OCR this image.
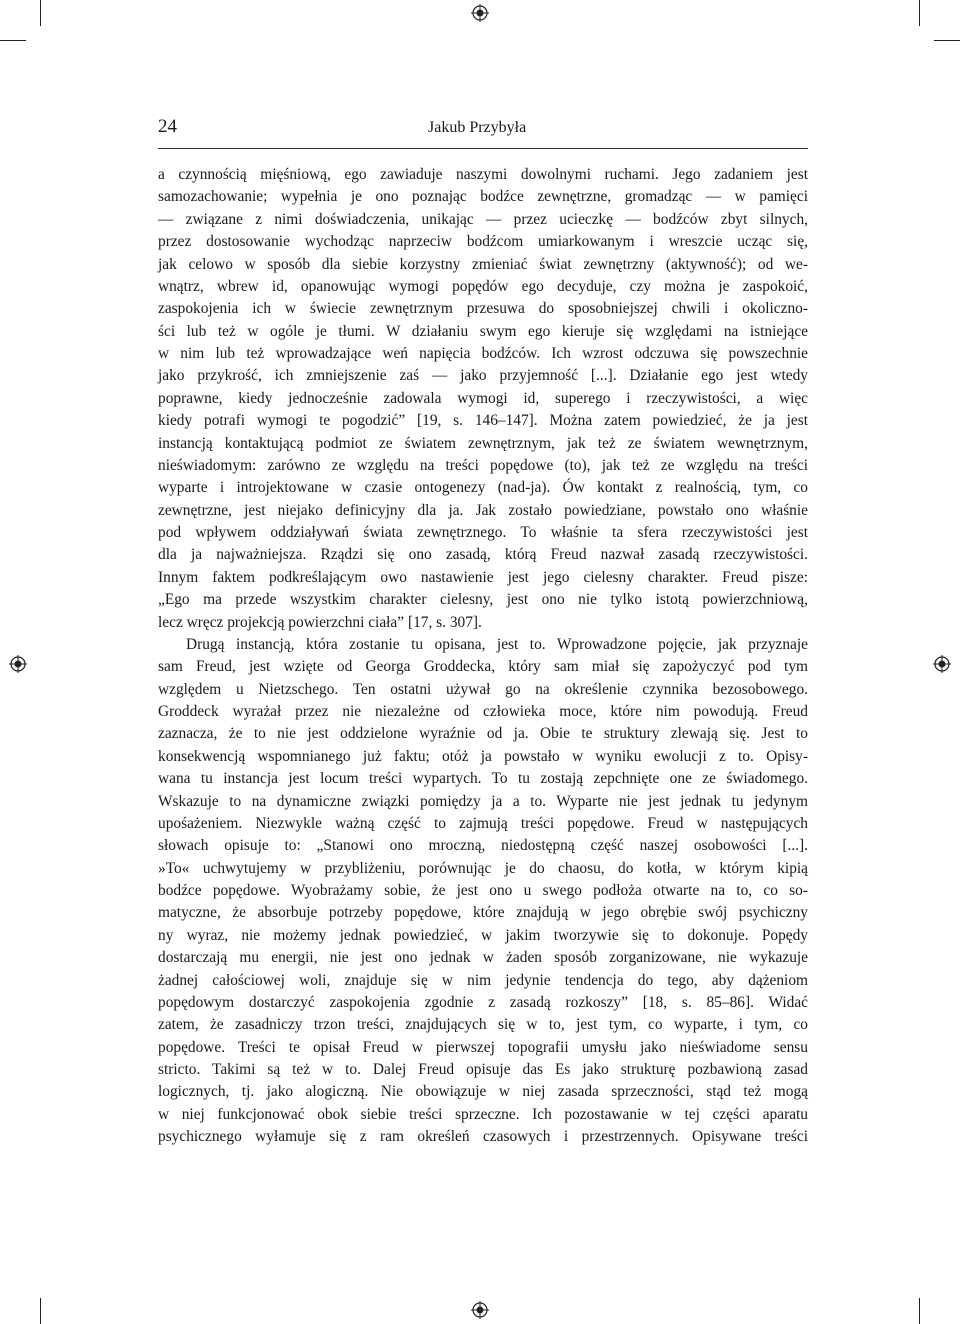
24	Jakub Przybyła
a czynnością mięśniową, ego zawiaduje naszymi dowolnymi ruchami. Jego zadaniem jest
samozachowanie; wypełnia je ono poznając bodźce zewnętrzne, gromadząc — w pamięci
— związane z nimi doświadczenia, unikając — przez ucieczkę — bodźców zbyt silnych,
przez dostosowanie wychodząc naprzeciw bodźcom umiarkowanym i wreszcie ucząc się,
jak celowo w sposób dla siebie korzystny zmieniać świat zewnętrzny (aktywność); od we-
wnątrz, wbrew id, opanowując wymogi popędów ego decyduje, czy można je zaspokoić,
zaspokojenia ich w świecie zewnętrznym przesuwa do sposobniejszej chwili i okoliczno-
ści lub też w ogóle je tłumi. W działaniu swym ego kieruje się względami na istniejące
w nim lub też wprowadzające weń napięcia bodźców. Ich wzrost odczuwa się powszechnie
jako przykrość, ich zmniejszenie zaś — jako przyjemność [...]. Działanie ego jest wtedy
poprawne, kiedy jednocześnie zadowala wymogi id, superego i rzeczywistości, a więc
kiedy potrafi wymogi te pogodzić” [19, s. 146–147]. Można zatem powiedzieć, że ja jest
instancją kontaktującą podmiot ze światem zewnętrznym, jak też ze światem wewnętrznym,
nieświadomym: zarówno ze względu na treści popędowe (to), jak też ze względu na treści
wyparte i introjektowane w czasie ontogenezy (nad-ja). Ów kontakt z realnością, tym, co
zewnętrzne, jest niejako definicyjny dla ja. Jak zostało powiedziane, powstało ono właśnie
pod wpływem oddziaływań świata zewnętrznego. To właśnie ta sfera rzeczywistości jest
dla ja najważniejsza. Rządzi się ono zasadą, którą Freud nazwał zasadą rzeczywistości.
Innym faktem podkreślającym owo nastawienie jest jego cielesny charakter. Freud pisze:
„Ego ma przede wszystkim charakter cielesny, jest ono nie tylko istotą powierzchniową,
lecz wręcz projekcją powierzchni ciała” [17, s. 307].
Drugą instancją, która zostanie tu opisana, jest to. Wprowadzone pojęcie, jak przyznaje
sam Freud, jest wzięte od Georga Groddecka, który sam miał się zapożyczyć pod tym
względem u Nietzschego. Ten ostatni używał go na określenie czynnika bezosobowego.
Groddeck wyrażał przez nie niezależne od człowieka moce, które nim powodują. Freud
zaznacza, że to nie jest oddzielone wyraźnie od ja. Obie te struktury zlewają się. Jest to
konsekwencją wspomnianego już faktu; otóż ja powstało w wyniku ewolucji z to. Opisy-
wana tu instancja jest locum treści wypartych. To tu zostają zepchnięte one ze świadomego.
Wskazuje to na dynamiczne związki pomiędzy ja a to. Wyparte nie jest jednak tu jedynym
upośażeniem. Niezwykle ważną część to zajmują treści popędowe. Freud w następujących
słowach opisuje to: „Stanowi ono mroczną, niedostępną część naszej osobowości [...].
»To« uchwytujemy w przybliżeniu, porównując je do chaosu, do kotła, w którym kipią
bodźce popędowe. Wyobrażamy sobie, że jest ono u swego podłoża otwarte na to, co so-
matyczne, że absorbuje potrzeby popędowe, które znajdują w jego obrębie swój psychiczny
ny wyraz, nie możemy jednak powiedzieć, w jakim tworzywie się to dokonuje. Popędy
dostarczają mu energii, nie jest ono jednak w żaden sposób zorganizowane, nie wykazuje
żadnej całościowej woli, znajduje się w nim jedynie tendencja do tego, aby dążeniom
popędowym dostarczyć zaspokojenia zgodnie z zasadą rozkoszy” [18, s. 85–86]. Widać
zatem, że zasadniczy trzon treści, znajdujących się w to, jest tym, co wyparte, i tym, co
popędowe. Treści te opisał Freud w pierwszej topografii umysłu jako nieświadome sensu
stricto. Takimi są też w to. Dalej Freud opisuje das Es jako strukturę pozbawioną zasad
logicznych, tj. jako alogiczną. Nie obowiązuje w niej zasada sprzeczności, stąd też mogą
w niej funkcjonować obok siebie treści sprzeczne. Ich pozostawanie w tej części aparatu
psychicznego wyłamuje się z ram określeń czasowych i przestrzennych. Opisywane treści
